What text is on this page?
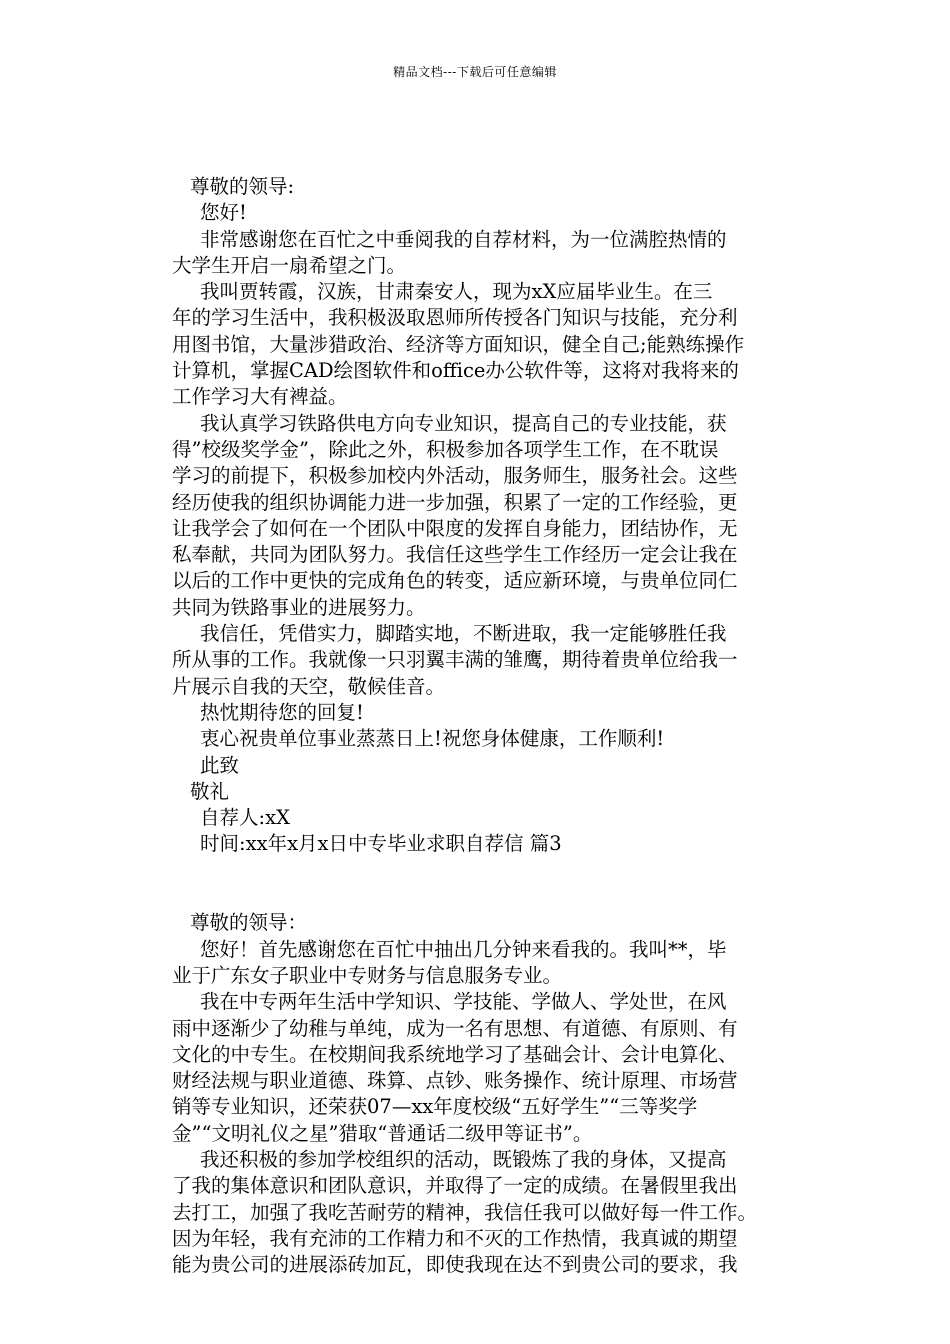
精品文档---下载后可任意编辑
尊敬的领导:
您好!
非常感谢您在百忙之中垂阅我的自荐材料，为一位满腔热情的
大学生开启一扇希望之门。
我叫贾转霞，汉族，甘肃秦安人，现为xX应届毕业生。在三
年的学习生活中，我积极汲取恩师所传授各门知识与技能，充分利
用图书馆，大量涉猎政治、经济等方面知识，健全自己;能熟练操作
计算机，掌握CAD绘图软件和office办公软件等，这将对我将来的
工作学习大有裨益。
我认真学习铁路供电方向专业知识，提高自己的专业技能，获
得”校级奖学金”，除此之外，积极参加各项学生工作，在不耽误
学习的前提下，积极参加校内外活动，服务师生，服务社会。这些
经历使我的组织协调能力进一步加强，积累了一定的工作经验，更
让我学会了如何在一个团队中限度的发挥自身能力，团结协作，无
私奉献，共同为团队努力。我信任这些学生工作经历一定会让我在
以后的工作中更快的完成角色的转变，适应新环境，与贵单位同仁
共同为铁路事业的进展努力。
我信任，凭借实力，脚踏实地，不断进取，我一定能够胜任我
所从事的工作。我就像一只羽翼丰满的雏鹰，期待着贵单位给我一
片展示自我的天空，敬候佳音。
热忱期待您的回复!
衷心祝贵单位事业蒸蒸日上!祝您身体健康，工作顺利!
此致
敬礼
自荐人:xX
时间:xx年x月x日中专毕业求职自荐信 篇3
尊敬的领导：
您好！首先感谢您在百忙中抽出几分钟来看我的。我叫**，毕
业于广东女子职业中专财务与信息服务专业。
我在中专两年生活中学知识、学技能、学做人、学处世，在风
雨中逐渐少了幼稚与单纯，成为一名有思想、有道德、有原则、有
文化的中专生。在校期间我系统地学习了基础会计、会计电算化、
财经法规与职业道德、珠算、点钞、账务操作、统计原理、市场营
销等专业知识，还荣获07—xx年度校级“五好学生”“三等奖学
金”“文明礼仪之星”猎取“普通话二级甲等证书”。
我还积极的参加学校组织的活动，既锻炼了我的身体，又提高
了我的集体意识和团队意识，并取得了一定的成绩。在暑假里我出
去打工，加强了我吃苦耐劳的精神，我信任我可以做好每一件工作。
因为年轻，我有充沛的工作精力和不灭的工作热情，我真诚的期望
能为贵公司的进展添砖加瓦，即使我现在达不到贵公司的要求，我
